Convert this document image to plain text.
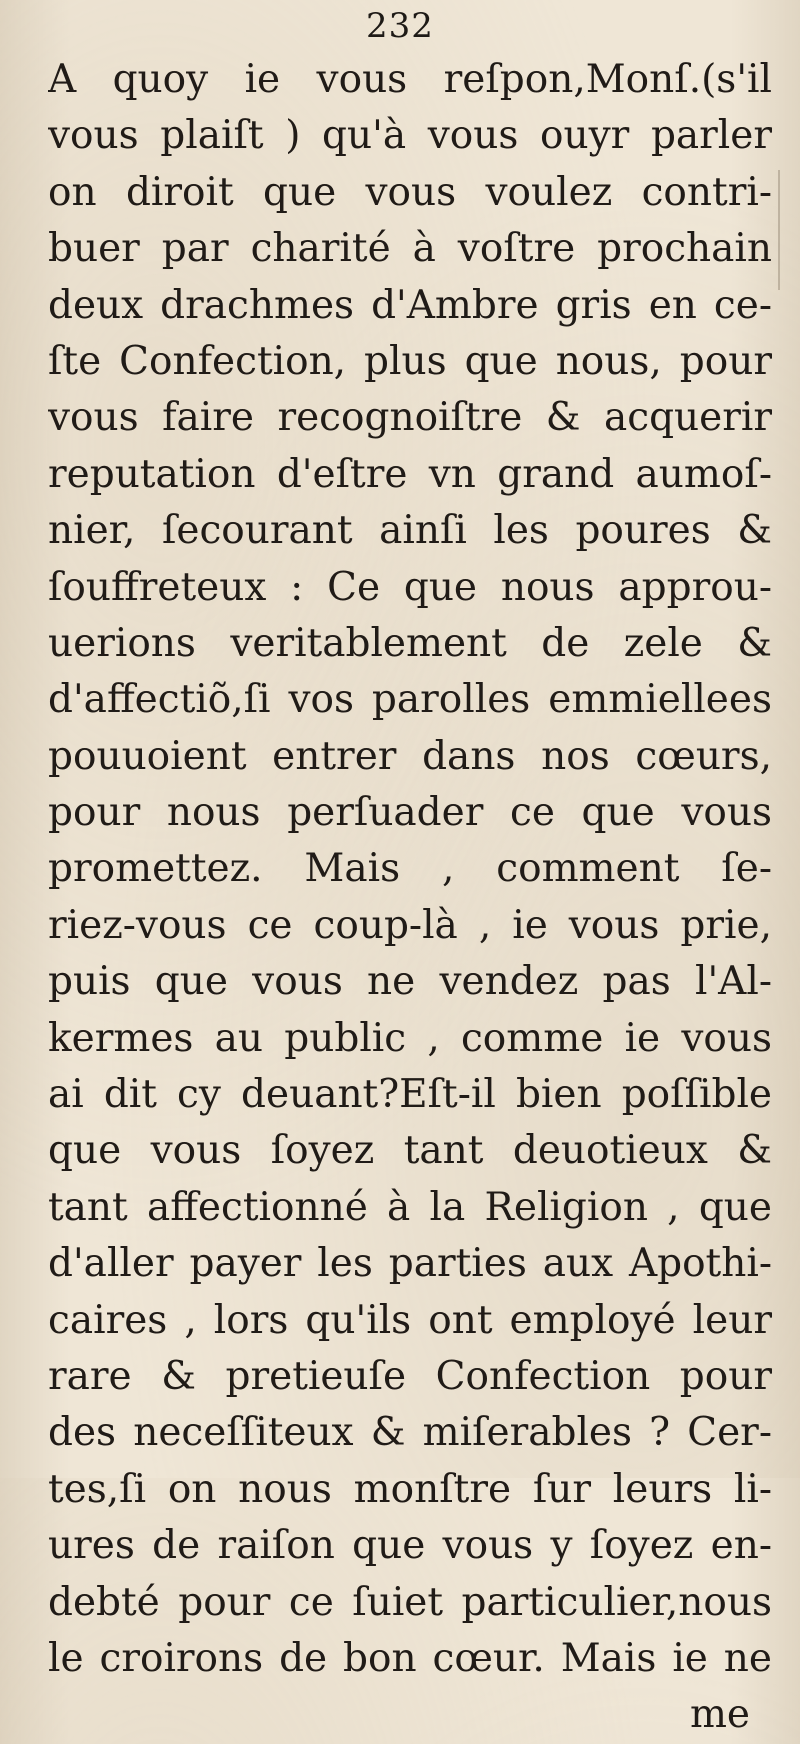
232
A quoy ie vous reſpon,Monſ.(s'il
vous plaiſt ) qu'à vous ouyr parler
on diroit que vous voulez contri-
buer par charité à voſtre prochain
deux drachmes d'Ambre gris en ce-
ſte Confection, plus que nous, pour
vous faire recognoiſtre & acquerir
reputation d'eſtre vn grand aumoſ-
nier, ſecourant ainſi les poures &
ſouffreteux : Ce que nous approu-
uerions veritablement de zele &
d'affectiõ,ſi vos parolles emmiellees
pouuoient entrer dans nos cœurs,
pour nous perſuader ce que vous
promettez. Mais , comment ſe-
riez-vous ce coup-là , ie vous prie,
puis que vous ne vendez pas l'Al-
kermes au public , comme ie vous
ai dit cy deuant?Eſt-il bien poſſible
que vous ſoyez tant deuotieux &
tant affectionné à la Religion , que
d'aller payer les parties aux Apothi-
caires , lors qu'ils ont employé leur
rare & pretieuſe Confection pour
des neceſſiteux & miſerables ? Cer-
tes,ſi on nous monſtre ſur leurs li-
ures de raiſon que vous y ſoyez en-
debté pour ce ſuiet particulier,nous
le croirons de bon cœur. Mais ie ne
me
